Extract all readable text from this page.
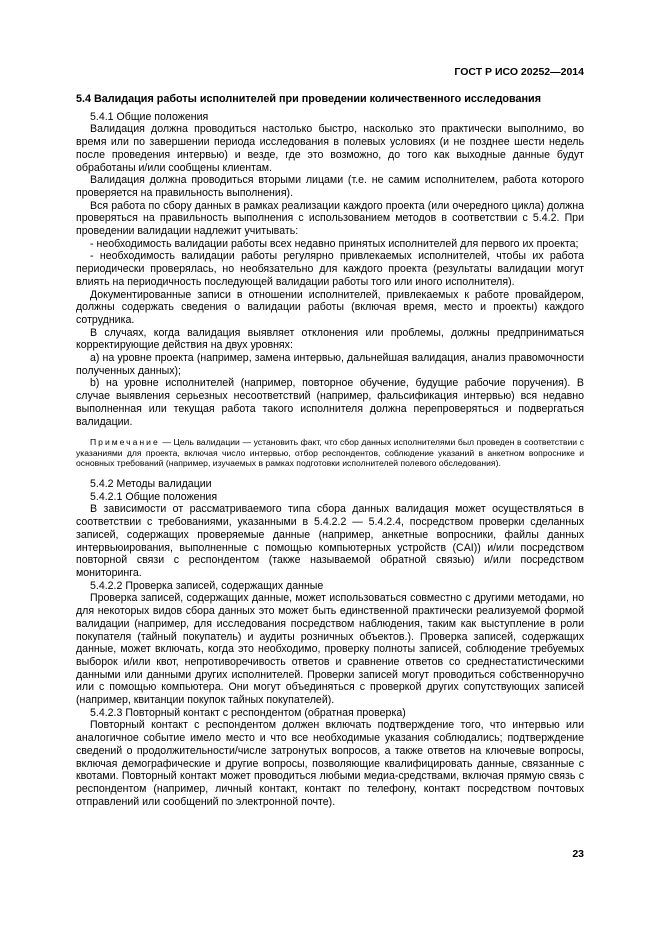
ГОСТ Р ИСО 20252—2014
5.4 Валидация работы исполнителей при проведении количественного исследования

5.4.1 Общие положения

Валидация должна проводиться настолько быстро, насколько это практически выполнимо, во время или по завершении периода исследования в полевых условиях (и не позднее шести недель после проведения интервью) и везде, где это возможно, до того как выходные данные будут обработаны и/или сообщены клиентам.

Валидация должна проводиться вторыми лицами (т.е. не самим исполнителем, работа которого проверяется на правильность выполнения).

Вся работа по сбору данных в рамках реализации каждого проекта (или очередного цикла) должна проверяться на правильность выполнения с использованием методов в соответствии с 5.4.2. При проведении валидации надлежит учитывать:

- необходимость валидации работы всех недавно принятых исполнителей для первого их проекта;

- необходимость валидации работы регулярно привлекаемых исполнителей, чтобы их работа периодически проверялась, но необязательно для каждого проекта (результаты валидации могут влиять на периодичность последующей валидации работы того или иного исполнителя).

Документированные записи в отношении исполнителей, привлекаемых к работе провайдером, должны содержать сведения о валидации работы (включая время, место и проекты) каждого сотрудника.

В случаях, когда валидация выявляет отклонения или проблемы, должны предприниматься корректирующие действия на двух уровнях:

a) на уровне проекта (например, замена интервью, дальнейшая валидация, анализ правомочности полученных данных);

b) на уровне исполнителей (например, повторное обучение, будущие рабочие поручения). В случае выявления серьезных несоответствий (например, фальсификация интервью) вся недавно выполненная или текущая работа такого исполнителя должна перепроверяться и подвергаться валидации.

Примечание — Цель валидации — установить факт, что сбор данных исполнителями был проведен в соответствии с указаниями для проекта, включая число интервью, отбор респондентов, соблюдение указаний в анкетном вопроснике и основных требований (например, изучаемых в рамках подготовки исполнителей полевого обследования).

5.4.2 Методы валидации

5.4.2.1 Общие положения

В зависимости от рассматриваемого типа сбора данных валидация может осуществляться в соответствии с требованиями, указанными в 5.4.2.2 — 5.4.2.4, посредством проверки сделанных записей, содержащих проверяемые данные (например, анкетные вопросники, файлы данных интервьюирования, выполненные с помощью компьютерных устройств (CAI)) и/или посредством повторной связи с респондентом (также называемой обратной связью) и/или посредством мониторинга.

5.4.2.2 Проверка записей, содержащих данные

Проверка записей, содержащих данные, может использоваться совместно с другими методами, но для некоторых видов сбора данных это может быть единственной практически реализуемой формой валидации (например, для исследования посредством наблюдения, таким как выступление в роли покупателя (тайный покупатель) и аудиты розничных объектов.). Проверка записей, содержащих данные, может включать, когда это необходимо, проверку полноты записей, соблюдение требуемых выборок и/или квот, непротиворечивость ответов и сравнение ответов со среднестатистическими данными или данными других исполнителей. Проверки записей могут проводиться собственноручно или с помощью компьютера. Они могут объединяться с проверкой других сопутствующих записей (например, квитанции покупок тайных покупателей).

5.4.2.3 Повторный контакт с респондентом (обратная проверка)

Повторный контакт с респондентом должен включать подтверждение того, что интервью или аналогичное событие имело место и что все необходимые указания соблюдались; подтверждение сведений о продолжительности/числе затронутых вопросов, а также ответов на ключевые вопросы, включая демографические и другие вопросы, позволяющие квалифицировать данные, связанные с квотами. Повторный контакт может проводиться любыми медиа-средствами, включая прямую связь с респондентом (например, личный контакт, контакт по телефону, контакт посредством почтовых отправлений или сообщений по электронной почте).

23
